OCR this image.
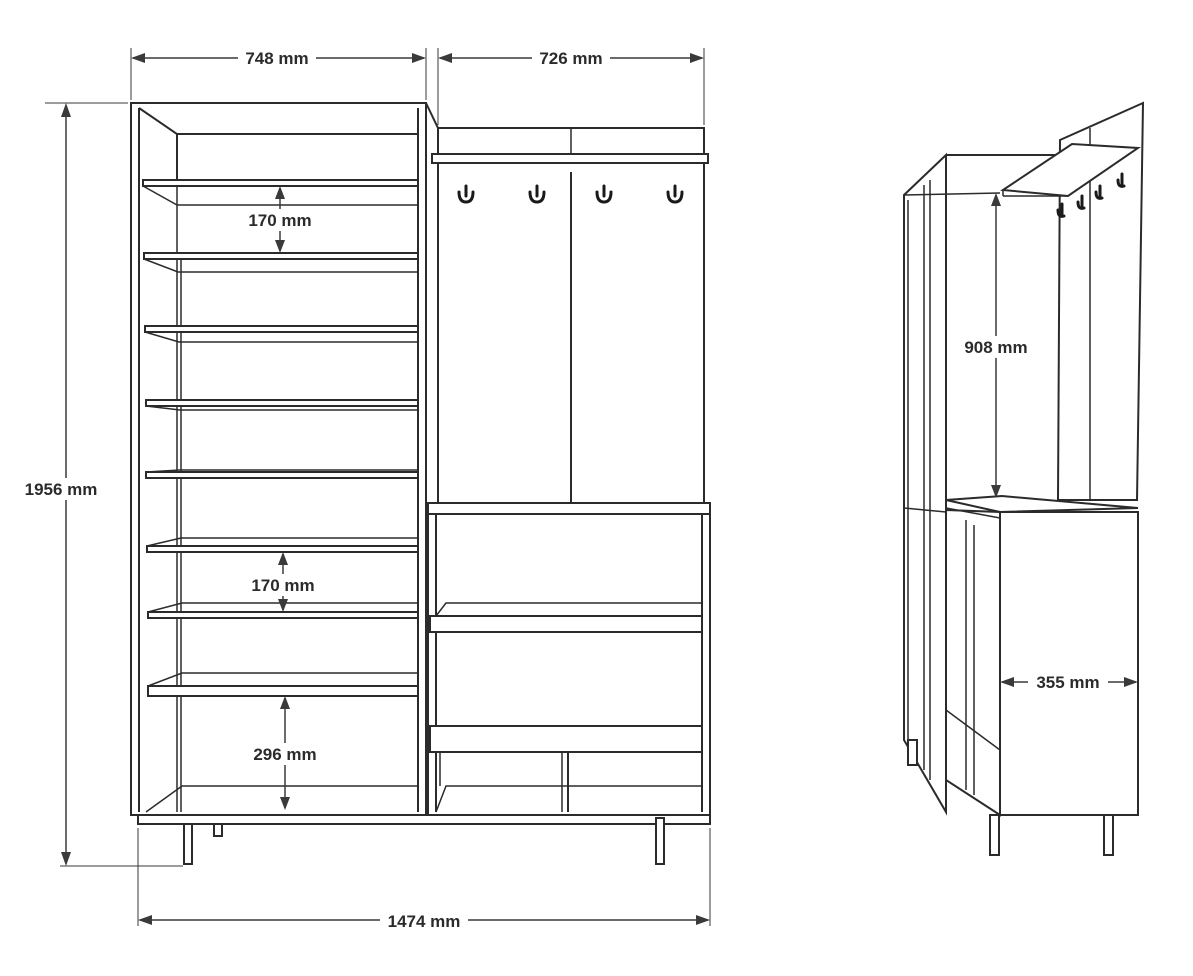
748 mm	726 mm
1956 mm
170 mm
170 mm
296 mm
1474 mm
908 mm
355 mm
